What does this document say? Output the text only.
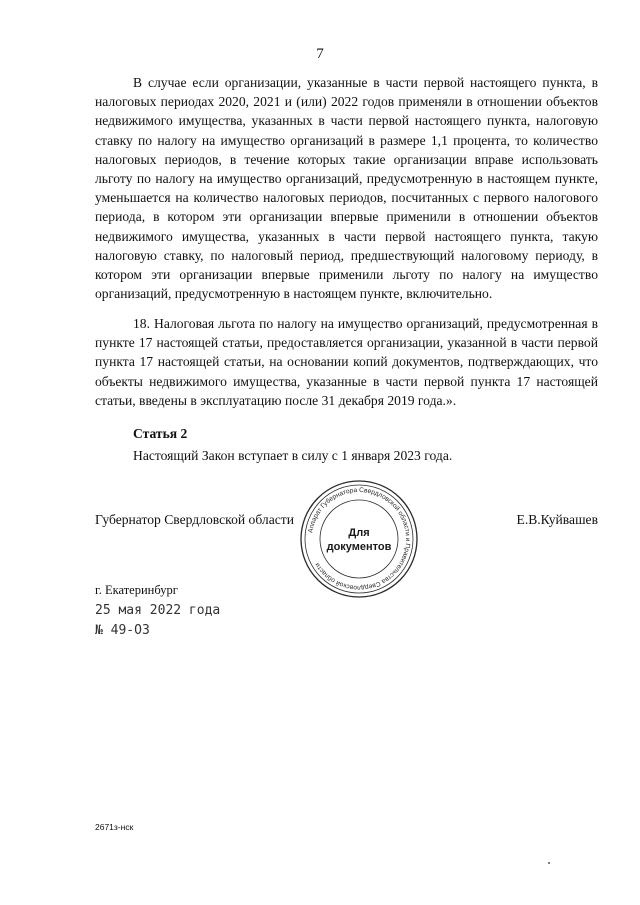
7

В случае если организации, указанные в части первой настоящего пункта, в налоговых периодах 2020, 2021 и (или) 2022 годов применяли в отношении объектов недвижимого имущества, указанных в части первой настоящего пункта, налоговую ставку по налогу на имущество организаций в размере 1,1 процента, то количество налоговых периодов, в течение которых такие организации вправе использовать льготу по налогу на имущество организаций, предусмотренную в настоящем пункте, уменьшается на количество налоговых периодов, посчитанных с первого налогового периода, в котором эти организации впервые применили в отношении объектов недвижимого имущества, указанных в части первой настоящего пункта, такую налоговую ставку, по налоговый период, предшествующий налоговому периоду, в котором эти организации впервые применили льготу по налогу на имущество организаций, предусмотренную в настоящем пункте, включительно.

18. Налоговая льгота по налогу на имущество организаций, предусмотренная в пункте 17 настоящей статьи, предоставляется организации, указанной в части первой пункта 17 настоящей статьи, на основании копий документов, подтверждающих, что объекты недвижимого имущества, указанные в части первой пункта 17 настоящей статьи, введены в эксплуатацию после 31 декабря 2019 года.».

Статья 2

Настоящий Закон вступает в силу с 1 января 2023 года.

Губернатор Свердловской области
Аппарат Губернатора Свердловской области и Правительства Свердловской области
Для
документов
Е.В.Куйвашев
г. Екатеринбург
25 мая 2022 года
№ 49-ОЗ
2671з-нск
